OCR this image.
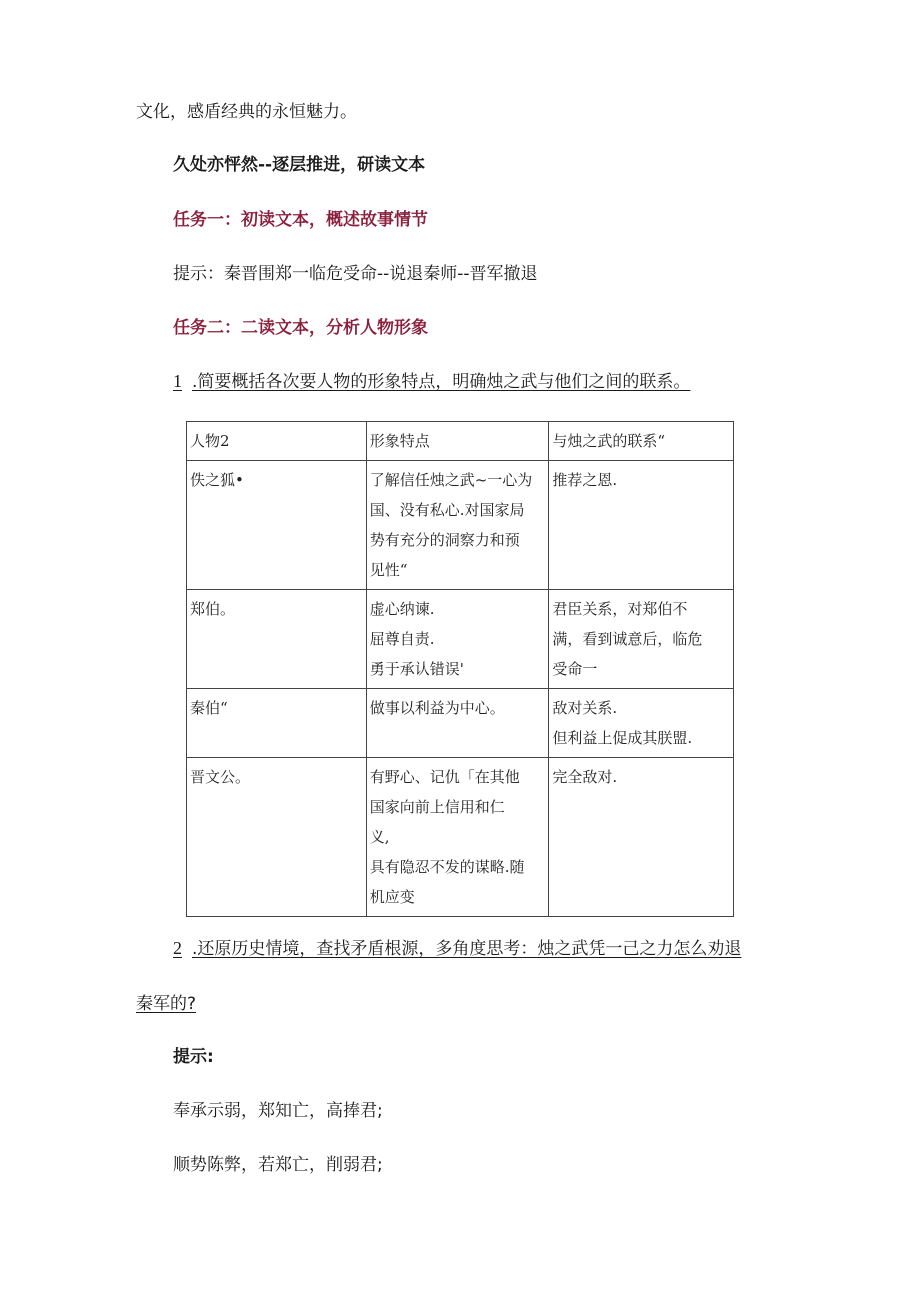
文化，感盾经典的永恒魅力。
久处亦怦然--逐层推进，研读文本
任务一：初读文本，概述故事情节
提示：秦晋围郑一临危受命--说退秦师--晋军撤退
任务二：二读文本，分析人物形象
1 .简要概括各次要人物的形象特点，明确烛之武与他们之间的联系。
人物2	形象特点	与烛之武的联系“
佚之狐•	了解信任烛之武~一心为
国、没有私心.对国家局
势有充分的洞察力和预
见性“	推荐之恩.

郑伯。	虚心纳谏.
屈尊自责.
勇于承认错误'	君臣关系，对郑伯不
满，看到诚意后，临危
受命一

秦伯“	做事以利益为中心。	敌对关系.
但利益上促成其朕盟.

晋文公。	有野心、记仇「在其他
国家向前上信用和仁
义,
具有隐忍不发的谋略.随
机应变	完全敌对.
2 .还原历史情境，查找矛盾根源，多角度思考：烛之武凭一己之力怎么劝退
秦军的?
提示:
奉承示弱，郑知亡，高捧君;
顺势陈弊，若郑亡，削弱君;
